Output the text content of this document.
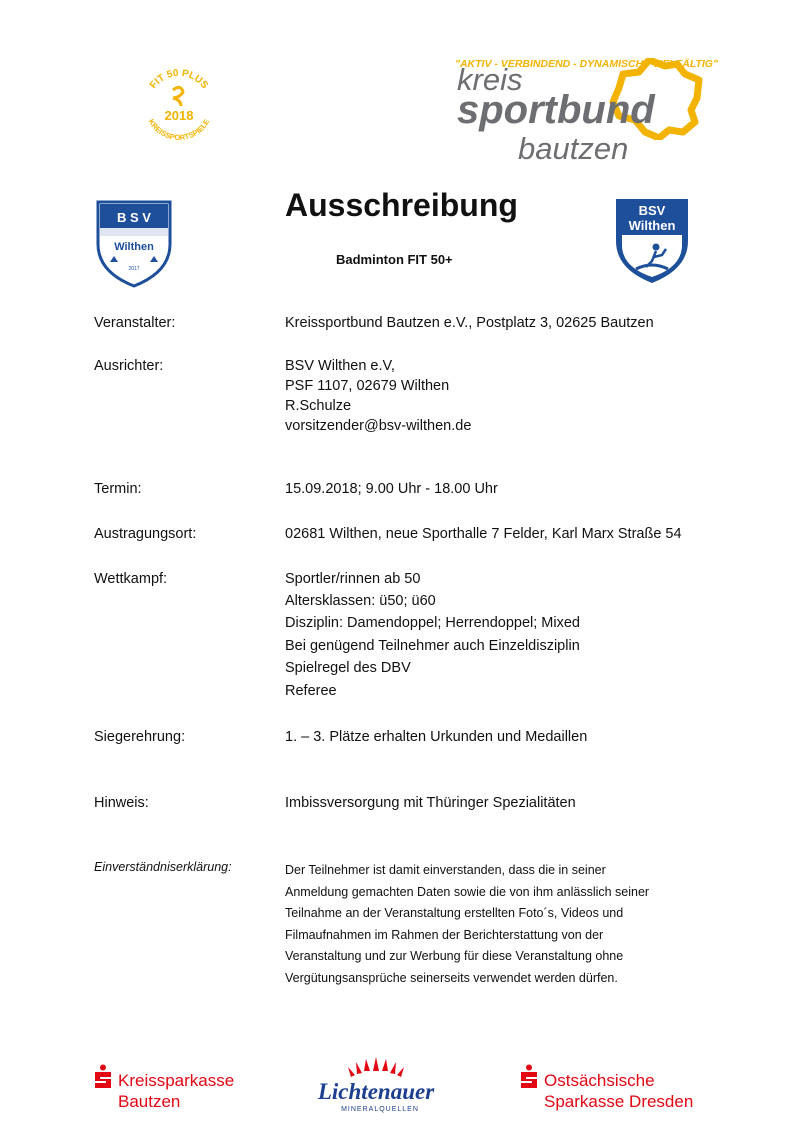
FIT 50 PLUS
2018
KREISSPORTSPIELE
kreis
sportbund
bautzen
"AKTIV - VERBINDEND - DYNAMISCH - VIELFÄLTIG"
B S V
Wilthen
2017
Ausschreibung
Badminton FIT 50+
BSV
Wilthen
Veranstalter:	Kreissportbund Bautzen e.V., Postplatz 3, 02625 Bautzen
Ausrichter:	BSV Wilthen e.V,
PSF 1107, 02679 Wilthen
R.Schulze
vorsitzender@bsv-wilthen.de
Termin:	15.09.2018; 9.00 Uhr - 18.00 Uhr
Austragungsort:	02681 Wilthen, neue Sporthalle 7 Felder, Karl Marx Straße 54
Wettkampf:	Sportler/rinnen ab 50
Altersklassen: ü50; ü60
Disziplin: Damendoppel; Herrendoppel; Mixed
Bei genügend Teilnehmer auch Einzeldisziplin
Spielregel des DBV
Referee
Siegerehrung:	1. – 3. Plätze erhalten Urkunden und Medaillen
Hinweis:	Imbissversorgung mit Thüringer Spezialitäten
Einverständniserklärung:	Der Teilnehmer ist damit einverstanden, dass die in seiner
Anmeldung gemachten Daten sowie die von ihm anlässlich seiner
Teilnahme an der Veranstaltung erstellten Foto´s, Videos und
Filmaufnahmen im Rahmen der Berichterstattung von der
Veranstaltung und zur Werbung für diese Veranstaltung ohne
Vergütungsansprüche seinerseits verwendet werden dürfen.
Kreissparkasse
Bautzen	Lichtenauer
MINERALQUELLEN
Ostsächsische
Sparkasse Dresden
